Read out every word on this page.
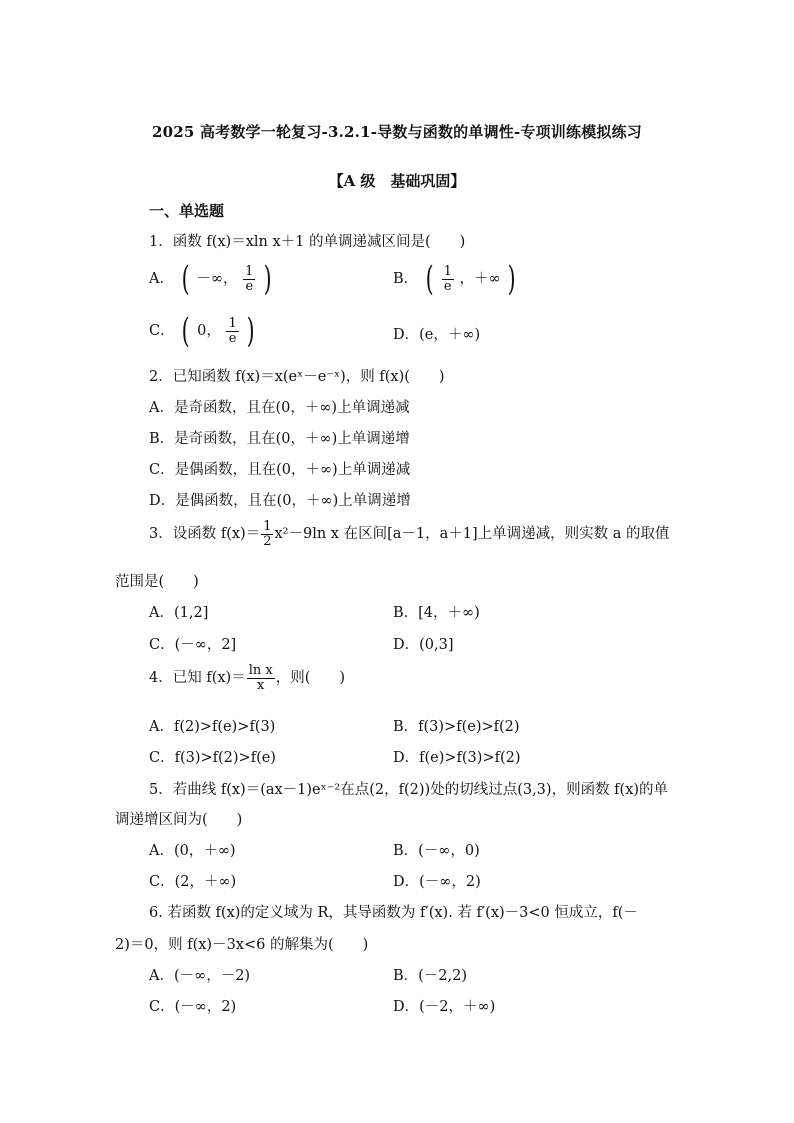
2025 高考数学一轮复习-3.2.1-导数与函数的单调性-专项训练模拟练习
【A 级　基础巩固】
一、单选题
1．函数 f(x)＝xln x＋1 的单调递减区间是(　　)
A． ( －∞， $\frac{1}{e}$ )	B． ( $\frac{1}{e}$ ，＋∞ )
C． ( 0， $\frac{1}{e}$ )	D．(e，＋∞)
2．已知函数 f(x)＝x(eˣ－e⁻ˣ)，则 f(x)(　　)
A．是奇函数，且在(0，＋∞)上单调递减
B．是奇函数，且在(0，＋∞)上单调递增
C．是偶函数，且在(0，＋∞)上单调递减
D．是偶函数，且在(0，＋∞)上单调递增
3．设函数 $f(x)= \frac{1}{2} x^2-9\ln$ x 在区间[a－1，a＋1]上单调递减，则实数 a 的取值
范围是(　　)
A．(1,2]	B．[4，＋∞)
C．(－∞，2]	D．(0,3]
4．已知 $f(x)= \frac{\text{ln x}}{x}$ ，则(　　)
A．f(2)>f(e)>f(3)	B．f(3)>f(e)>f(2)
C．f(3)>f(2)>f(e)	D．f(e)>f(3)>f(2)
5．若曲线 f(x)＝(ax－1)eˣ⁻²在点(2，f(2))处的切线过点(3,3)，则函数 f(x)的单
调递增区间为(　　)
A．(0，＋∞)	B．(－∞，0)
C．(2，＋∞)	D．(－∞，2)
6. 若函数 f(x)的定义域为 R，其导函数为 f′(x). 若 f′(x)－3<0 恒成立，f(－
2)＝0，则 f(x)－3x<6 的解集为(　　)
A．(－∞，－2)	B．(－2,2)
C．(－∞，2)	D．(－2，＋∞)
